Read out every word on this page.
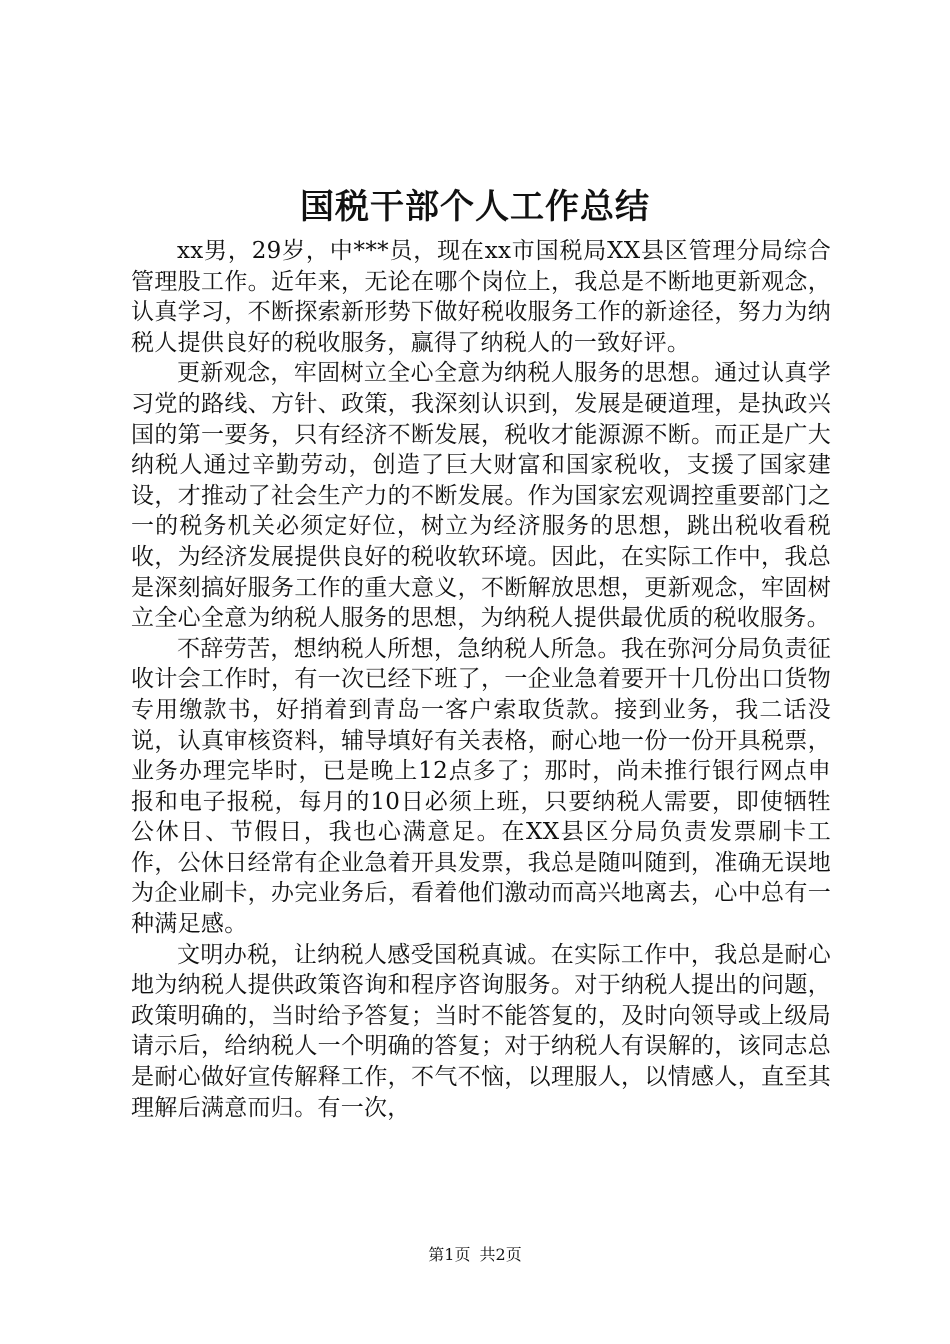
国税干部个人工作总结

xx男，29岁，中***员，现在xx市国税局XX县区管理分局综合管理股工作。近年来，无论在哪个岗位上，我总是不断地更新观念，认真学习，不断探索新形势下做好税收服务工作的新途径，努力为纳税人提供良好的税收服务，赢得了纳税人的一致好评。

更新观念，牢固树立全心全意为纳税人服务的思想。通过认真学习党的路线、方针、政策，我深刻认识到，发展是硬道理，是执政兴国的第一要务，只有经济不断发展，税收才能源源不断。而正是广大纳税人通过辛勤劳动，创造了巨大财富和国家税收，支援了国家建设，才推动了社会生产力的不断发展。作为国家宏观调控重要部门之一的税务机关必须定好位，树立为经济服务的思想，跳出税收看税收，为经济发展提供良好的税收软环境。因此，在实际工作中，我总是深刻搞好服务工作的重大意义，不断解放思想，更新观念，牢固树立全心全意为纳税人服务的思想，为纳税人提供最优质的税收服务。

不辞劳苦，想纳税人所想，急纳税人所急。我在弥河分局负责征收计会工作时，有一次已经下班了，一企业急着要开十几份出口货物专用缴款书，好捎着到青岛一客户索取货款。接到业务，我二话没说，认真审核资料，辅导填好有关表格，耐心地一份一份开具税票，业务办理完毕时，已是晚上12点多了；那时，尚未推行银行网点申报和电子报税，每月的10日必须上班，只要纳税人需要，即使牺牲公休日、节假日，我也心满意足。在XX县区分局负责发票刷卡工作，公休日经常有企业急着开具发票，我总是随叫随到，准确无误地为企业刷卡，办完业务后，看着他们激动而高兴地离去，心中总有一种满足感。

文明办税，让纳税人感受国税真诚。在实际工作中，我总是耐心地为纳税人提供政策咨询和程序咨询服务。对于纳税人提出的问题，政策明确的，当时给予答复；当时不能答复的，及时向领导或上级局请示后，给纳税人一个明确的答复；对于纳税人有误解的，该同志总是耐心做好宣传解释工作，不气不恼，以理服人，以情感人，直至其理解后满意而归。有一次，

第1页 共2页
